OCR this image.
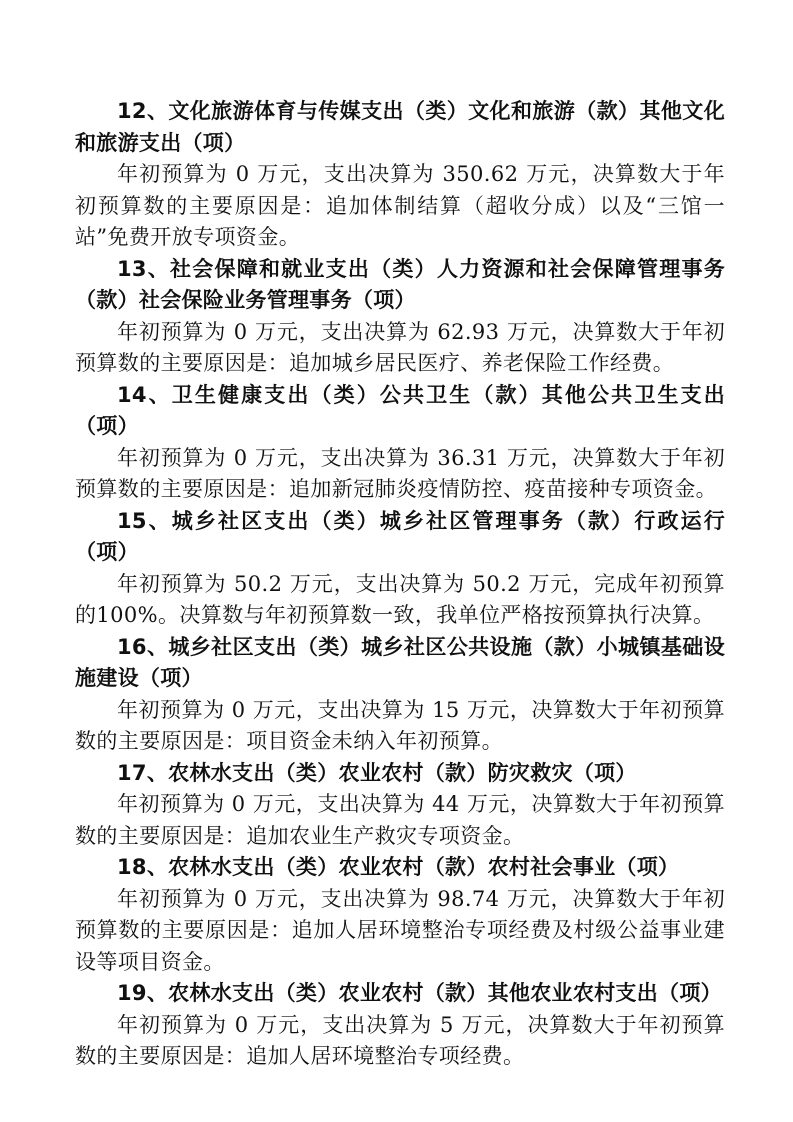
12、文化旅游体育与传媒支出（类）文化和旅游（款）其他文化和旅游支出（项）

年初预算为 0 万元，支出决算为 350.62 万元，决算数大于年初预算数的主要原因是：追加体制结算（超收分成）以及“三馆一站”免费开放专项资金。

13、社会保障和就业支出（类）人力资源和社会保障管理事务（款）社会保险业务管理事务（项）

年初预算为 0 万元，支出决算为 62.93 万元，决算数大于年初预算数的主要原因是：追加城乡居民医疗、养老保险工作经费。

14、卫生健康支出（类）公共卫生（款）其他公共卫生支出（项）

年初预算为 0 万元，支出决算为 36.31 万元，决算数大于年初预算数的主要原因是：追加新冠肺炎疫情防控、疫苗接种专项资金。

15、城乡社区支出（类）城乡社区管理事务（款）行政运行（项）

年初预算为 50.2 万元，支出决算为 50.2 万元，完成年初预算的100%。决算数与年初预算数一致，我单位严格按预算执行决算。

16、城乡社区支出（类）城乡社区公共设施（款）小城镇基础设施建设（项）

年初预算为 0 万元，支出决算为 15 万元，决算数大于年初预算数的主要原因是：项目资金未纳入年初预算。

17、农林水支出（类）农业农村（款）防灾救灾（项）

年初预算为 0 万元，支出决算为 44 万元，决算数大于年初预算数的主要原因是：追加农业生产救灾专项资金。

18、农林水支出（类）农业农村（款）农村社会事业（项）

年初预算为 0 万元，支出决算为 98.74 万元，决算数大于年初预算数的主要原因是：追加人居环境整治专项经费及村级公益事业建设等项目资金。

19、农林水支出（类）农业农村（款）其他农业农村支出（项）

年初预算为 0 万元，支出决算为 5 万元，决算数大于年初预算数的主要原因是：追加人居环境整治专项经费。
